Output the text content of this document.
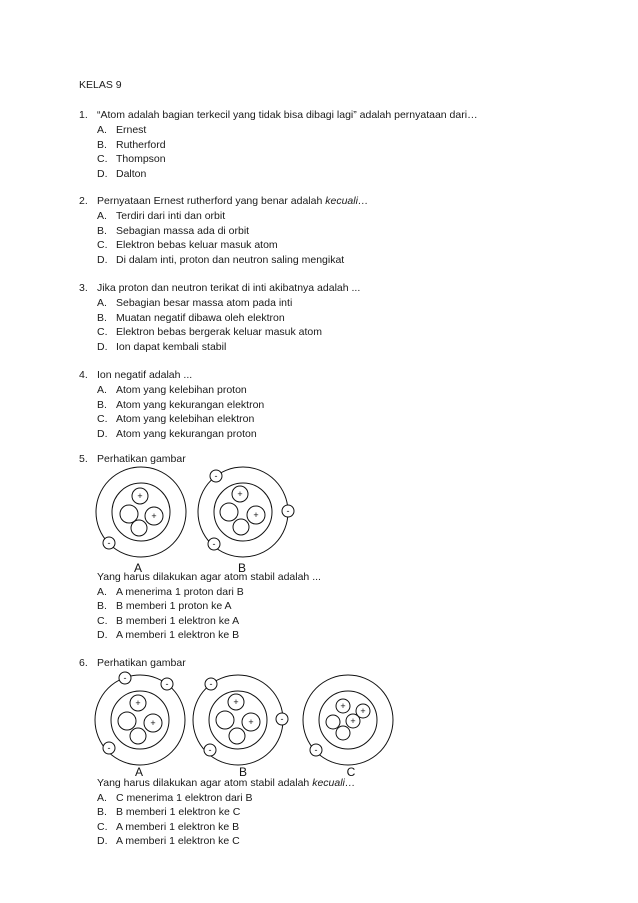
KELAS 9
1. “Atom adalah bagian terkecil yang tidak bisa dibagi lagi” adalah pernyataan dari…
A. Ernest
B. Rutherford
C. Thompson
D. Dalton
2. Pernyataan Ernest rutherford yang benar adalah kecuali…
A. Terdiri dari inti dan orbit
B. Sebagian massa ada di orbit
C. Elektron bebas keluar masuk atom
D. Di dalam inti, proton dan neutron saling mengikat
3. Jika proton dan neutron terikat di inti akibatnya adalah ...
A. Sebagian besar massa atom pada inti
B. Muatan negatif dibawa oleh elektron
C. Elektron bebas bergerak keluar masuk atom
D. Ion dapat kembali stabil
4. Ion negatif adalah ...
A. Atom yang kelebihan proton
B. Atom yang kekurangan elektron
C. Atom yang kelebihan elektron
D. Atom yang kekurangan proton
5. Perhatikan gambar
+
+
-
A
+
+
-
-
-
B
Yang harus dilakukan agar atom stabil adalah ...
A. A menerima 1 proton dari B
B. B memberi 1 proton ke A
C. B memberi 1 elektron ke A
D. A memberi 1 elektron ke B
6. Perhatikan gambar
+
+
-
-
-
A
+
+
-
-
-
B
+ +
+
-
C
Yang harus dilakukan agar atom stabil adalah kecuali…
A. C menerima 1 elektron dari B
B. B memberi 1 elektron ke C
C. A memberi 1 elektron ke B
D. A memberi 1 elektron ke C
